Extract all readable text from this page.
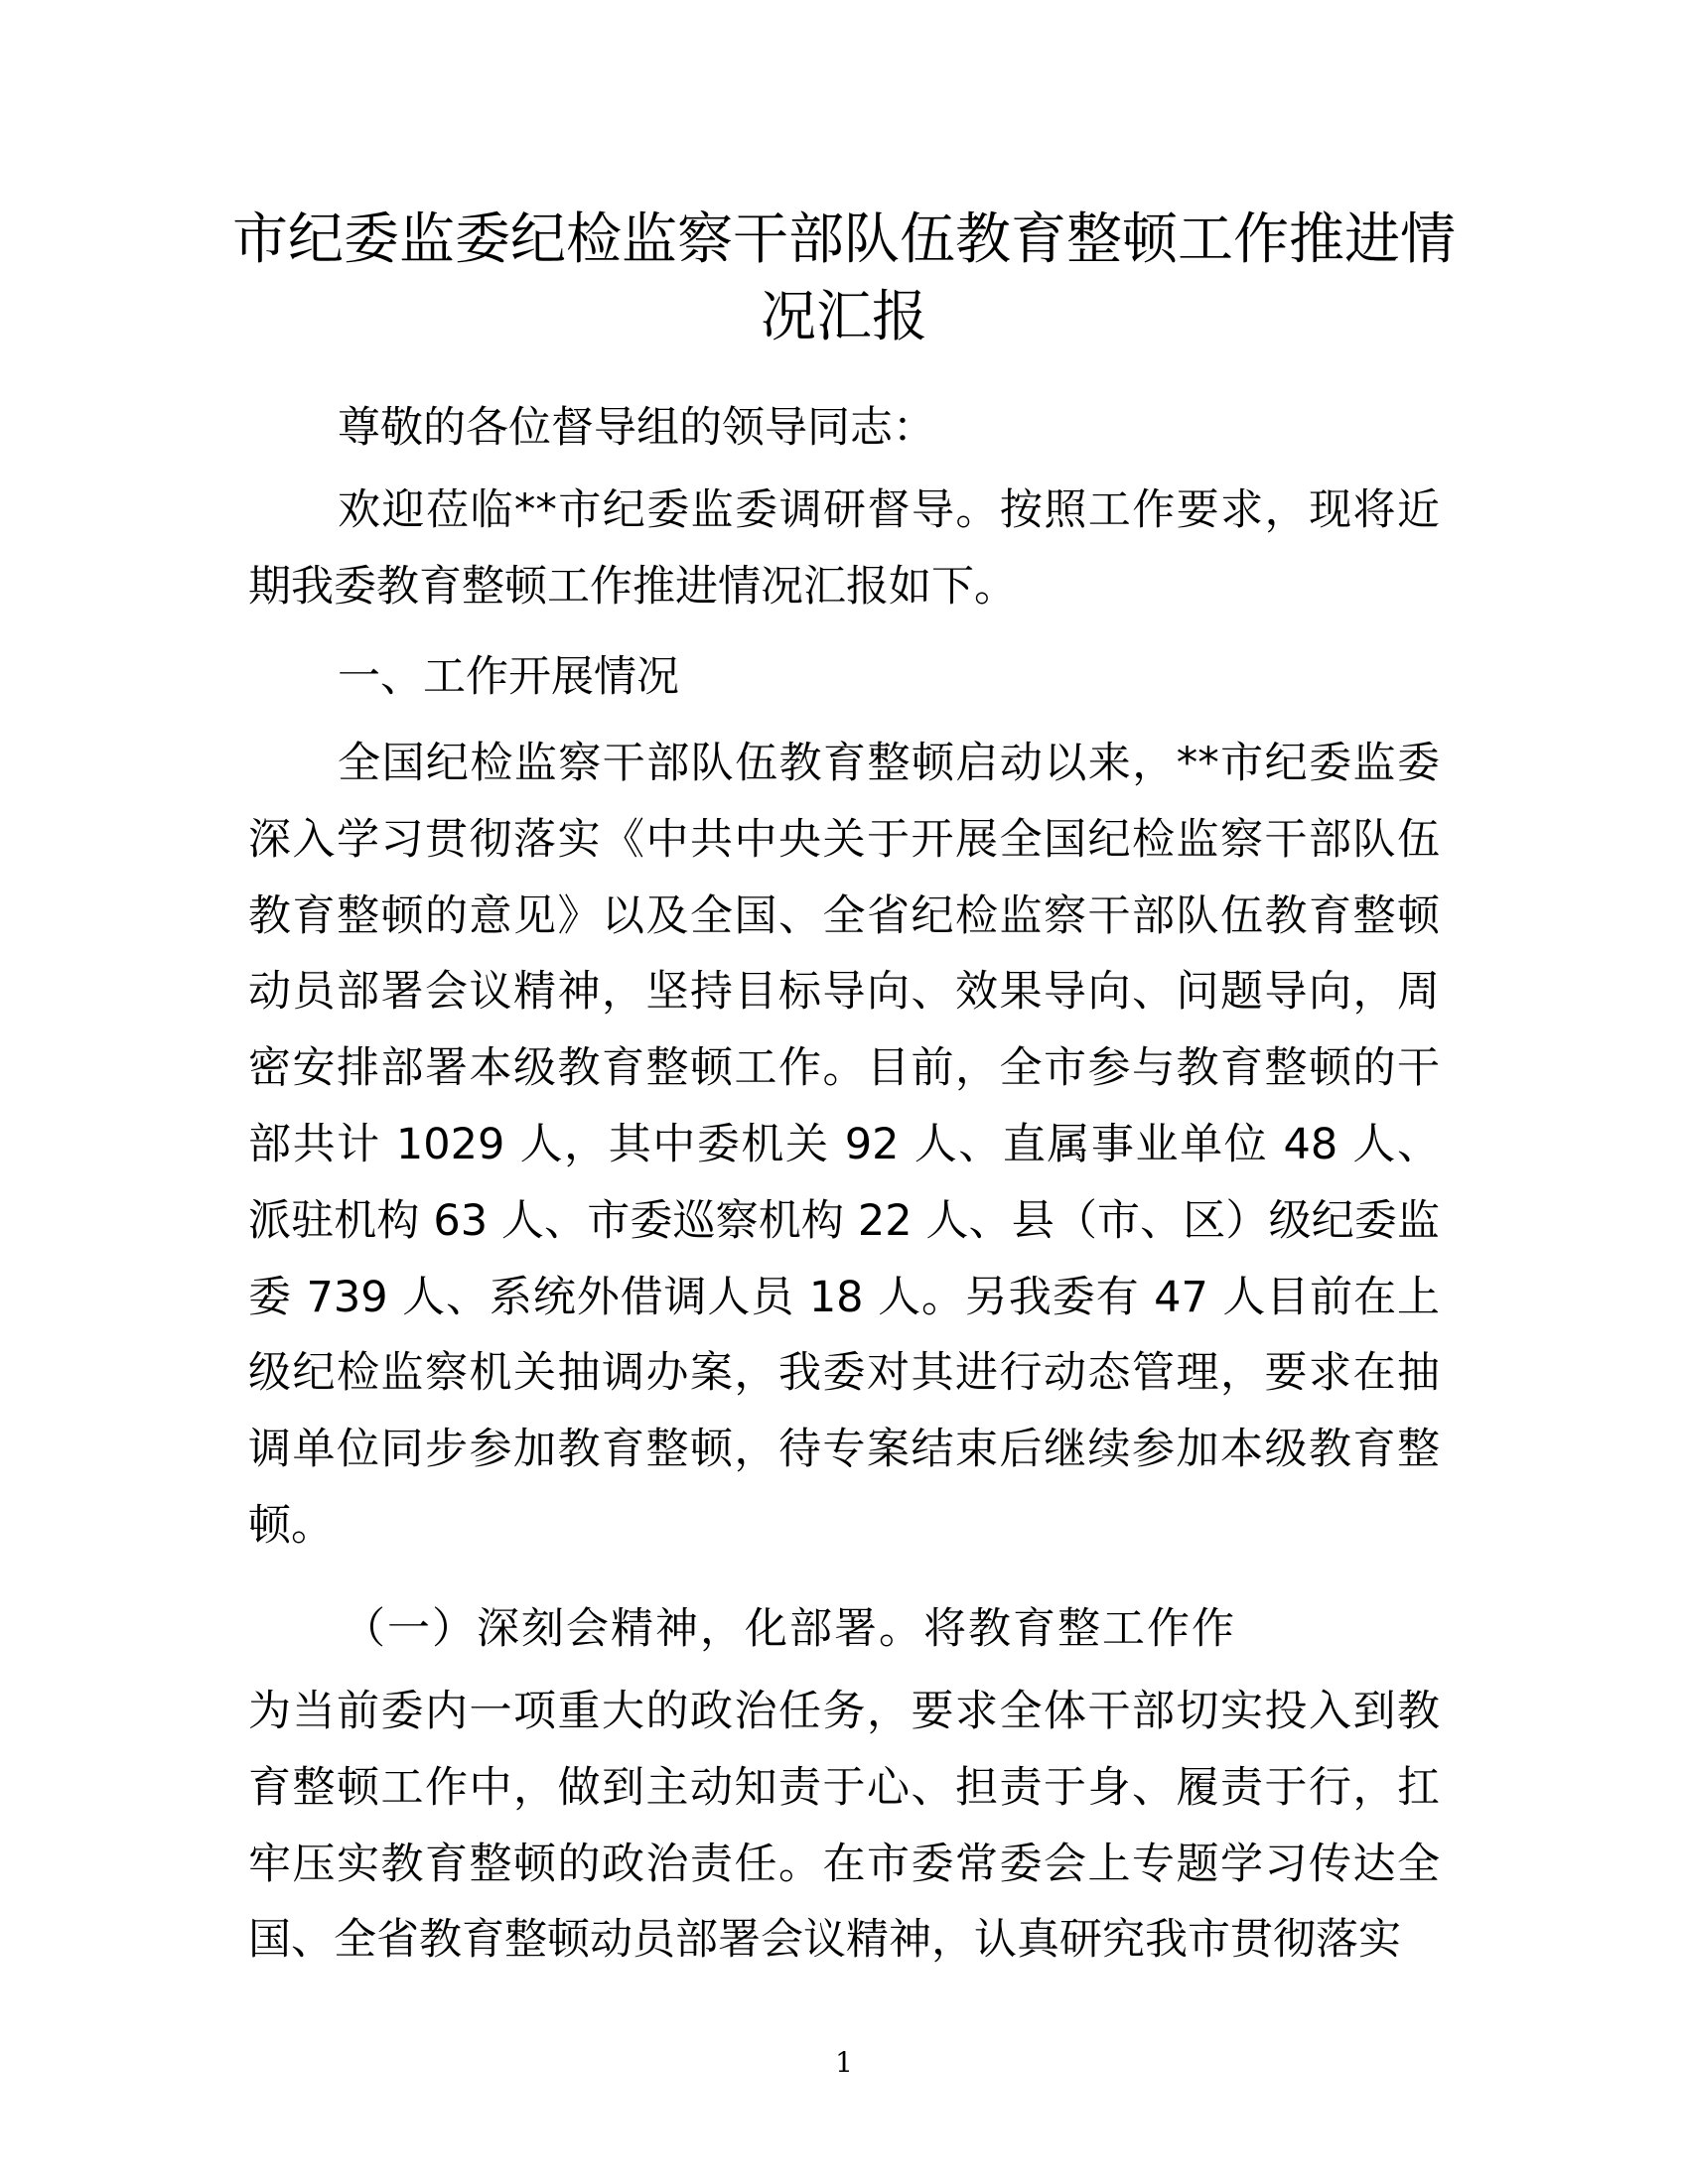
市纪委监委纪检监察干部队伍教育整顿工作推进情况汇报

尊敬的各位督导组的领导同志：

欢迎莅临**市纪委监委调研督导。按照工作要求，现将近期我委教育整顿工作推进情况汇报如下。

一、工作开展情况

全国纪检监察干部队伍教育整顿启动以来，**市纪委监委深入学习贯彻落实《中共中央关于开展全国纪检监察干部队伍教育整顿的意见》以及全国、全省纪检监察干部队伍教育整顿动员部署会议精神，坚持目标导向、效果导向、问题导向，周密安排部署本级教育整顿工作。目前，全市参与教育整顿的干部共计 1029 人，其中委机关 92 人、直属事业单位 48 人、派驻机构 63 人、市委巡察机构 22 人、县（市、区）级纪委监委 739 人、系统外借调人员 18 人。另我委有 47 人目前在上级纪检监察机关抽调办案，我委对其进行动态管理，要求在抽调单位同步参加教育整顿，待专案结束后继续参加本级教育整顿。

（一）深刻会精神，化部署。将教育整工作作

为当前委内一项重大的政治任务，要求全体干部切实投入到教育整顿工作中，做到主动知责于心、担责于身、履责于行，扛牢压实教育整顿的政治责任。在市委常委会上专题学习传达全国、全省教育整顿动员部署会议精神，认真研究我市贯彻落实

1
